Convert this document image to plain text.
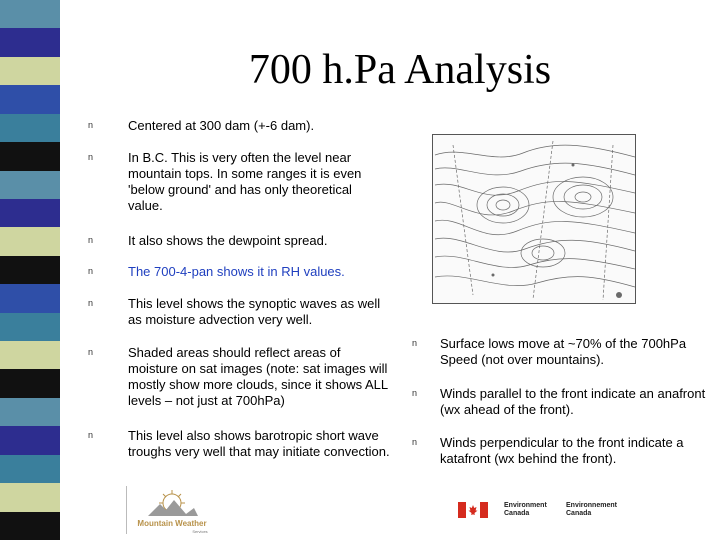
700 h.Pa Analysis
n	Centered at 300 dam (+-6 dam).
n	In B.C. This is very often the level near mountain tops. In some ranges it is even 'below ground' and has only theoretical value.
n	It also shows the dewpoint spread.
n	The 700-4-pan shows it in RH values.
n	This level shows the synoptic waves as well as moisture advection very well.
n	Shaded areas should reflect areas of moisture on sat images (note: sat images will mostly show more clouds, since it shows ALL levels – not just at 700hPa)
n	This level also shows barotropic short wave troughs very well that may initiate convection.
n Surface lows move at ~70% of the 700hPa Speed (not over mountains).
n Winds parallel to the front indicate an anafront (wx ahead of the front).
n Winds perpendicular to the front indicate a katafront (wx behind the front).
Mountain Weather
Services
Environment
Canada
Environnement
Canada
